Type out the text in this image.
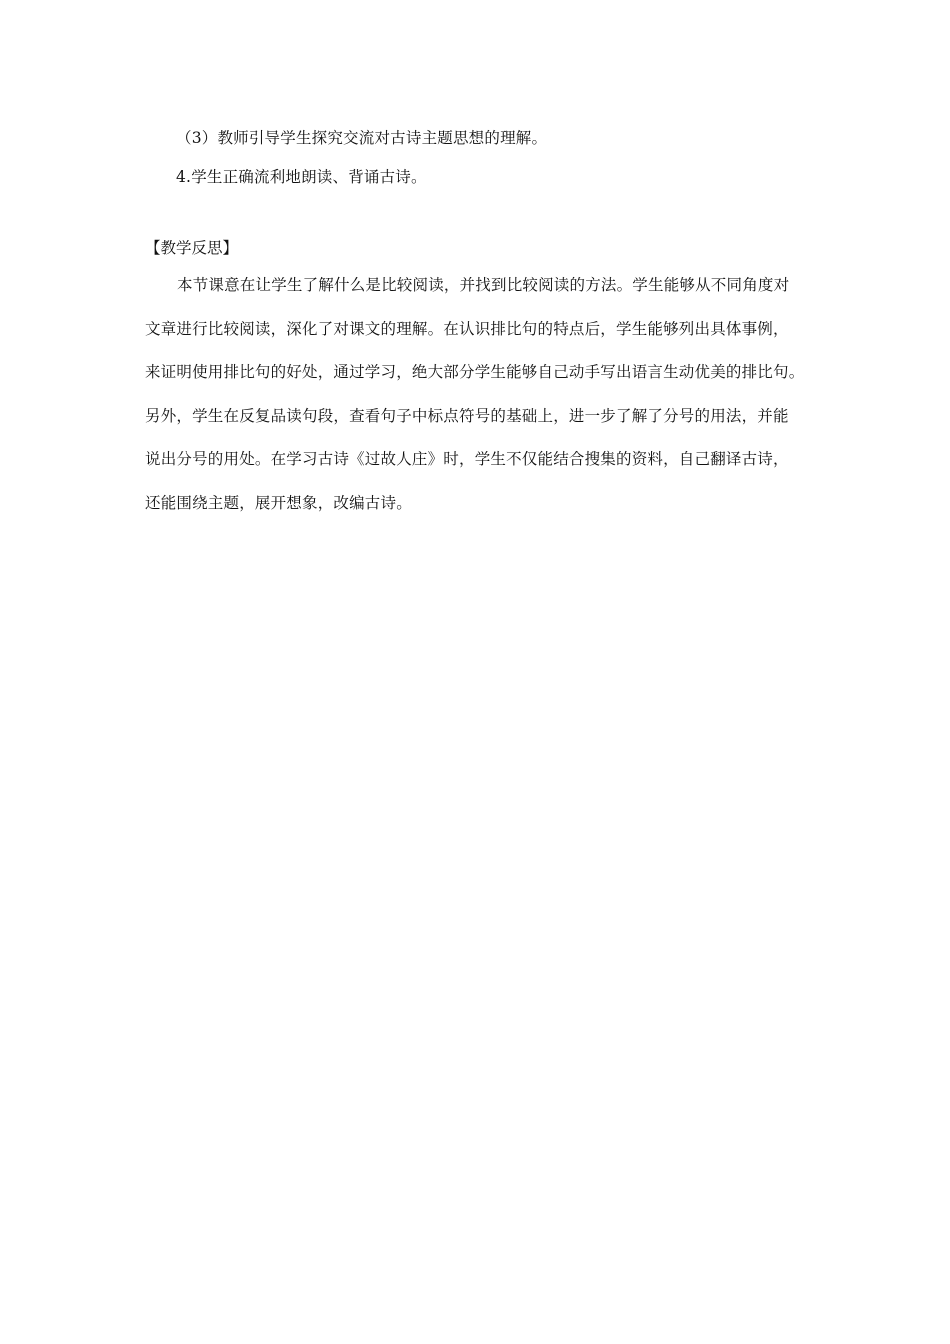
（3）教师引导学生探究交流对古诗主题思想的理解。
4.学生正确流利地朗读、背诵古诗。
【教学反思】
本节课意在让学生了解什么是比较阅读，并找到比较阅读的方法。学生能够从不同角度对
文章进行比较阅读，深化了对课文的理解。在认识排比句的特点后，学生能够列出具体事例，
来证明使用排比句的好处，通过学习，绝大部分学生能够自己动手写出语言生动优美的排比句。
另外，学生在反复品读句段，查看句子中标点符号的基础上，进一步了解了分号的用法，并能
说出分号的用处。在学习古诗《过故人庄》时，学生不仅能结合搜集的资料，自己翻译古诗，
还能围绕主题，展开想象，改编古诗。
